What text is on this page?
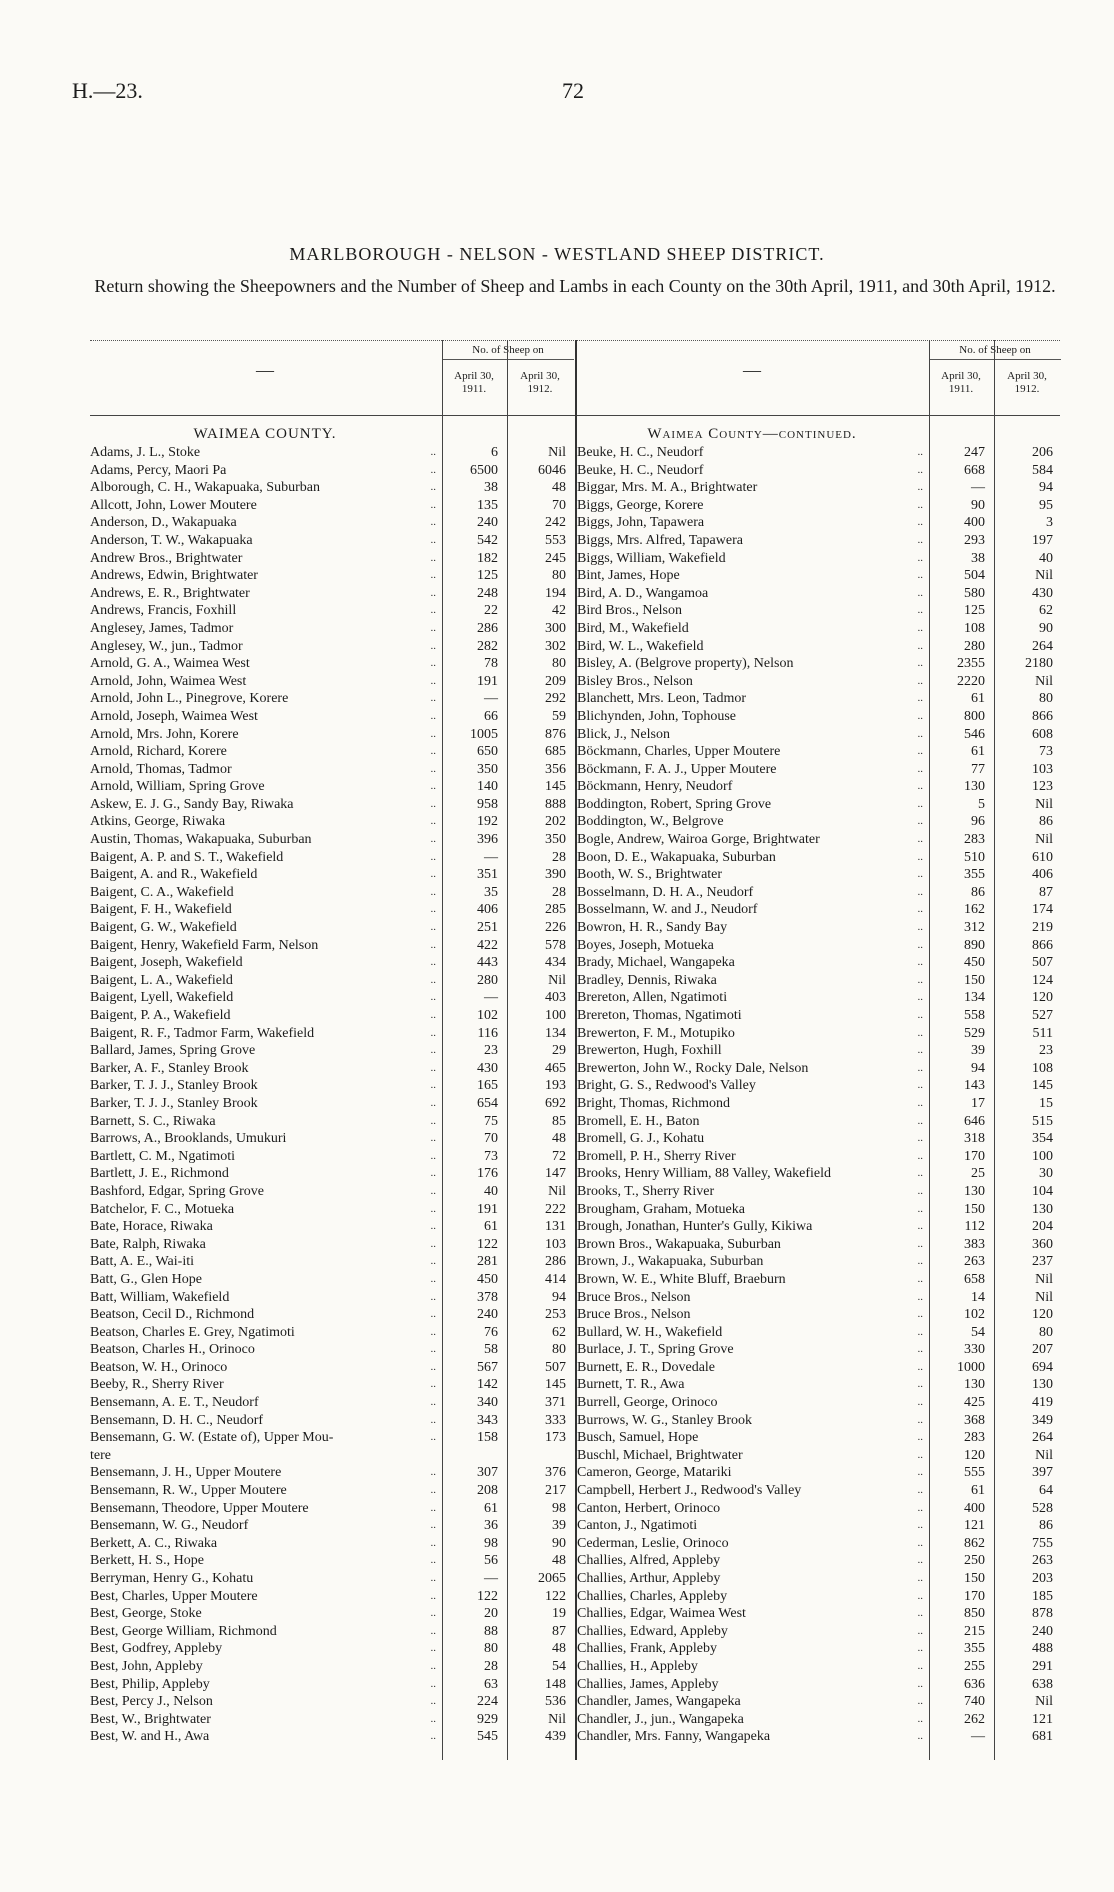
H.—23.	72
MARLBOROUGH - NELSON - WESTLAND SHEEP DISTRICT.
Return showing the Sheepowners and the Number of Sheep and Lambs in each County on the 30th April, 1911, and 30th April, 1912.
—
No. of Sheep on
April 30, 1911.
April 30, 1912.
WAIMEA COUNTY.
Adams, J. L., Stoke	..	6	Nil
Adams, Percy, Maori Pa	..	6500	6046
Alborough, C. H., Wakapuaka, Suburban	..	38	48
Allcott, John, Lower Moutere	..	135	70
Anderson, D., Wakapuaka	..	240	242
Anderson, T. W., Wakapuaka	..	542	553
Andrew Bros., Brightwater	..	182	245
Andrews, Edwin, Brightwater	..	125	80
Andrews, E. R., Brightwater	..	248	194
Andrews, Francis, Foxhill	..	22	42
Anglesey, James, Tadmor	..	286	300
Anglesey, W., jun., Tadmor	..	282	302
Arnold, G. A., Waimea West	..	78	80
Arnold, John, Waimea West	..	191	209
Arnold, John L., Pinegrove, Korere	..	—	292
Arnold, Joseph, Waimea West	..	66	59
Arnold, Mrs. John, Korere	..	1005	876
Arnold, Richard, Korere	..	650	685
Arnold, Thomas, Tadmor	..	350	356
Arnold, William, Spring Grove	..	140	145
Askew, E. J. G., Sandy Bay, Riwaka	..	958	888
Atkins, George, Riwaka	..	192	202
Austin, Thomas, Wakapuaka, Suburban	..	396	350
Baigent, A. P. and S. T., Wakefield	..	—	28
Baigent, A. and R., Wakefield	..	351	390
Baigent, C. A., Wakefield	..	35	28
Baigent, F. H., Wakefield	..	406	285
Baigent, G. W., Wakefield	..	251	226
Baigent, Henry, Wakefield Farm, Nelson	..	422	578
Baigent, Joseph, Wakefield	..	443	434
Baigent, L. A., Wakefield	..	280	Nil
Baigent, Lyell, Wakefield	..	—	403
Baigent, P. A., Wakefield	..	102	100
Baigent, R. F., Tadmor Farm, Wakefield	..	116	134
Ballard, James, Spring Grove	..	23	29
Barker, A. F., Stanley Brook	..	430	465
Barker, T. J. J., Stanley Brook	..	165	193
Barker, T. J. J., Stanley Brook	..	654	692
Barnett, S. C., Riwaka	..	75	85
Barrows, A., Brooklands, Umukuri	..	70	48
Bartlett, C. M., Ngatimoti	..	73	72
Bartlett, J. E., Richmond	..	176	147
Bashford, Edgar, Spring Grove	..	40	Nil
Batchelor, F. C., Motueka	..	191	222
Bate, Horace, Riwaka	..	61	131
Bate, Ralph, Riwaka	..	122	103
Batt, A. E., Wai-iti	..	281	286
Batt, G., Glen Hope	..	450	414
Batt, William, Wakefield	..	378	94
Beatson, Cecil D., Richmond	..	240	253
Beatson, Charles E. Grey, Ngatimoti	..	76	62
Beatson, Charles H., Orinoco	..	58	80
Beatson, W. H., Orinoco	..	567	507
Beeby, R., Sherry River	..	142	145
Bensemann, A. E. T., Neudorf	..	340	371
Bensemann, D. H. C., Neudorf	..	343	333
Bensemann, G. W. (Estate of), Upper Mou-	..	158	173
tere
Bensemann, J. H., Upper Moutere	..	307	376
Bensemann, R. W., Upper Moutere	..	208	217
Bensemann, Theodore, Upper Moutere	..	61	98
Bensemann, W. G., Neudorf	..	36	39
Berkett, A. C., Riwaka	..	98	90
Berkett, H. S., Hope	..	56	48
Berryman, Henry G., Kohatu	..	—	2065
Best, Charles, Upper Moutere	..	122	122
Best, George, Stoke	..	20	19
Best, George William, Richmond	..	88	87
Best, Godfrey, Appleby	..	80	48
Best, John, Appleby	..	28	54
Best, Philip, Appleby	..	63	148
Best, Percy J., Nelson	..	224	536
Best, W., Brightwater	..	929	Nil
Best, W. and H., Awa	..	545	439
—
No. of Sheep on
April 30, 1911.
April 30, 1912.
Waimea County—continued.
Beuke, H. C., Neudorf	..	247	206
Beuke, H. C., Neudorf	..	668	584
Biggar, Mrs. M. A., Brightwater	..	—	94
Biggs, George, Korere	..	90	95
Biggs, John, Tapawera	..	400	3
Biggs, Mrs. Alfred, Tapawera	..	293	197
Biggs, William, Wakefield	..	38	40
Bint, James, Hope	..	504	Nil
Bird, A. D., Wangamoa	..	580	430
Bird Bros., Nelson	..	125	62
Bird, M., Wakefield	..	108	90
Bird, W. L., Wakefield	..	280	264
Bisley, A. (Belgrove property), Nelson	..	2355	2180
Bisley Bros., Nelson	..	2220	Nil
Blanchett, Mrs. Leon, Tadmor	..	61	80
Blichynden, John, Tophouse	..	800	866
Blick, J., Nelson	..	546	608
Böckmann, Charles, Upper Moutere	..	61	73
Böckmann, F. A. J., Upper Moutere	..	77	103
Böckmann, Henry, Neudorf	..	130	123
Boddington, Robert, Spring Grove	..	5	Nil
Boddington, W., Belgrove	..	96	86
Bogle, Andrew, Wairoa Gorge, Brightwater	..	283	Nil
Boon, D. E., Wakapuaka, Suburban	..	510	610
Booth, W. S., Brightwater	..	355	406
Bosselmann, D. H. A., Neudorf	..	86	87
Bosselmann, W. and J., Neudorf	..	162	174
Bowron, H. R., Sandy Bay	..	312	219
Boyes, Joseph, Motueka	..	890	866
Brady, Michael, Wangapeka	..	450	507
Bradley, Dennis, Riwaka	..	150	124
Brereton, Allen, Ngatimoti	..	134	120
Brereton, Thomas, Ngatimoti	..	558	527
Brewerton, F. M., Motupiko	..	529	511
Brewerton, Hugh, Foxhill	..	39	23
Brewerton, John W., Rocky Dale, Nelson	..	94	108
Bright, G. S., Redwood's Valley	..	143	145
Bright, Thomas, Richmond	..	17	15
Bromell, E. H., Baton	..	646	515
Bromell, G. J., Kohatu	..	318	354
Bromell, P. H., Sherry River	..	170	100
Brooks, Henry William, 88 Valley, Wakefield	..	25	30
Brooks, T., Sherry River	..	130	104
Brougham, Graham, Motueka	..	150	130
Brough, Jonathan, Hunter's Gully, Kikiwa	..	112	204
Brown Bros., Wakapuaka, Suburban	..	383	360
Brown, J., Wakapuaka, Suburban	..	263	237
Brown, W. E., White Bluff, Braeburn	..	658	Nil
Bruce Bros., Nelson	..	14	Nil
Bruce Bros., Nelson	..	102	120
Bullard, W. H., Wakefield	..	54	80
Burlace, J. T., Spring Grove	..	330	207
Burnett, E. R., Dovedale	..	1000	694
Burnett, T. R., Awa	..	130	130
Burrell, George, Orinoco	..	425	419
Burrows, W. G., Stanley Brook	..	368	349
Busch, Samuel, Hope	..	283	264
Buschl, Michael, Brightwater	..	120	Nil
Cameron, George, Matariki	..	555	397
Campbell, Herbert J., Redwood's Valley	..	61	64
Canton, Herbert, Orinoco	..	400	528
Canton, J., Ngatimoti	..	121	86
Cederman, Leslie, Orinoco	..	862	755
Challies, Alfred, Appleby	..	250	263
Challies, Arthur, Appleby	..	150	203
Challies, Charles, Appleby	..	170	185
Challies, Edgar, Waimea West	..	850	878
Challies, Edward, Appleby	..	215	240
Challies, Frank, Appleby	..	355	488
Challies, H., Appleby	..	255	291
Challies, James, Appleby	..	636	638
Chandler, James, Wangapeka	..	740	Nil
Chandler, J., jun., Wangapeka	..	262	121
Chandler, Mrs. Fanny, Wangapeka	..	—	681
